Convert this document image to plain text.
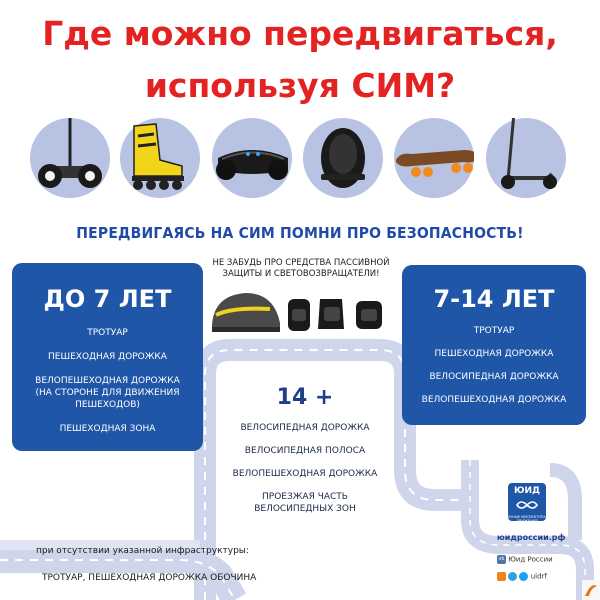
Где можно передвигаться,
используя СИМ?
ПЕРЕДВИГАЯСЬ НА СИМ ПОМНИ ПРО БЕЗОПАСНОСТЬ!
НЕ ЗАБУДЬ ПРО СРЕДСТВА ПАССИВНОЙ
ЗАЩИТЫ И СВЕТОВОЗВРАЩАТЕЛИ!
ДО 7 ЛЕТ
ТРОТУАР
ПЕШЕХОДНАЯ ДОРОЖКА
ВЕЛОПЕШЕХОДНАЯ ДОРОЖКА
(НА СТОРОНЕ ДЛЯ ДВИЖЕНИЯ
ПЕШЕХОДОВ)
ПЕШЕХОДНАЯ ЗОНА
7-14 ЛЕТ
ТРОТУАР
ПЕШЕХОДНАЯ ДОРОЖКА
ВЕЛОСИПЕДНАЯ ДОРОЖКА
ВЕЛОПЕШЕХОДНАЯ ДОРОЖКА
14 +
ВЕЛОСИПЕДНАЯ ДОРОЖКА
ВЕЛОСИПЕДНАЯ ПОЛОСА
ВЕЛОПЕШЕХОДНАЯ ДОРОЖКА
ПРОЕЗЖАЯ ЧАСТЬ
ВЕЛОСИПЕДНЫХ ЗОН
при отсутствии указанной инфраструктуры:
ТРОТУАР, ПЕШЕХОДНАЯ ДОРОЖКА ОБОЧИНА
ЮИД
ЮНЫЕ ИНСПЕКТОРА ДВИЖЕНИЯ
юидроссии.рф
vk Юид России
uidrf
